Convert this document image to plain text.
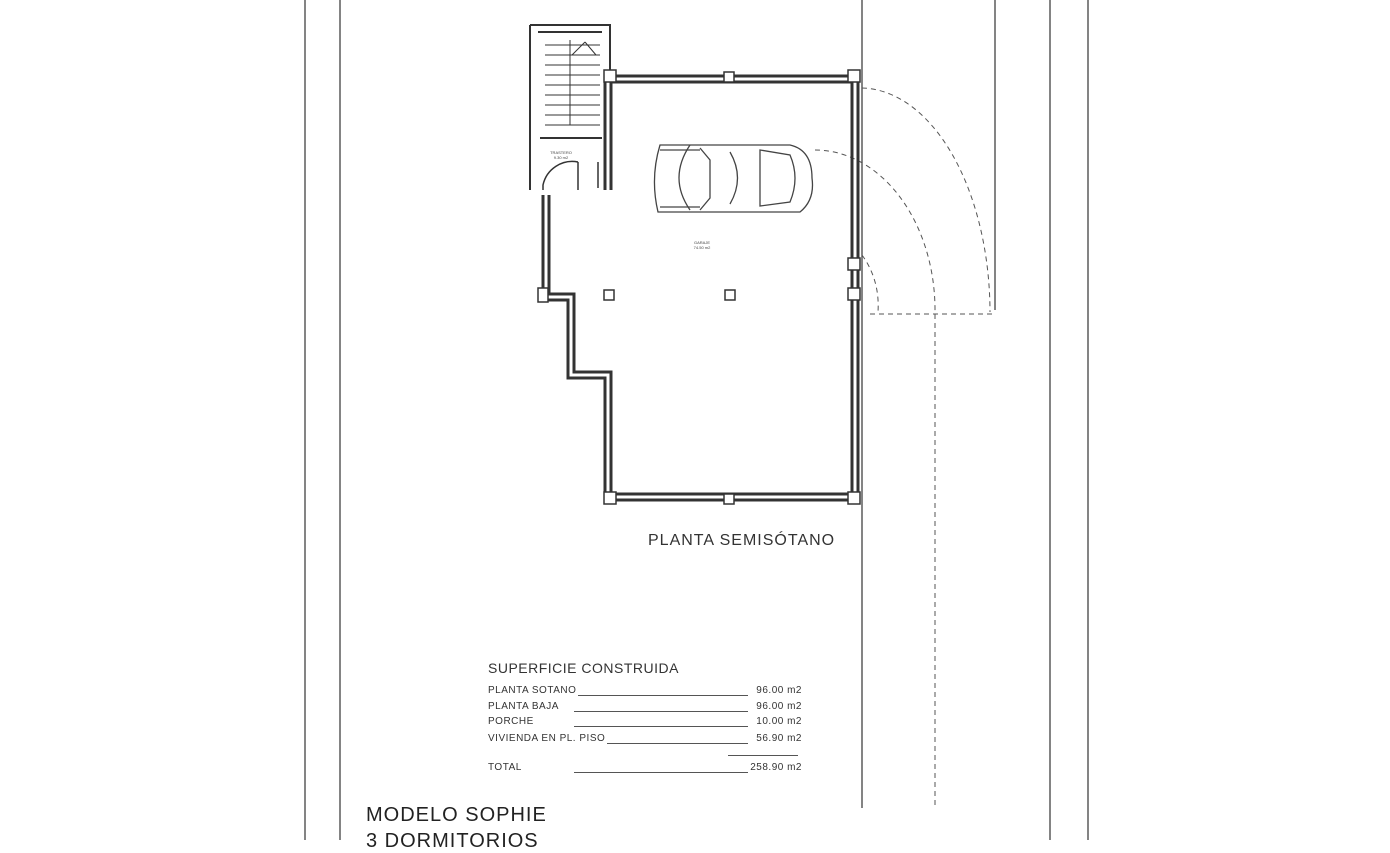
TRASTERO
9.30 m2
GARAJE
74.50 m2
PLANTA SEMISÓTANO
SUPERFICIE CONSTRUIDA
PLANTA SOTANO	96.00 m2
PLANTA BAJA	96.00 m2
PORCHE	10.00 m2
VIVIENDA EN PL. PISO	56.90 m2
TOTAL	258.90 m2
MODELO SOPHIE
3 DORMITORIOS
